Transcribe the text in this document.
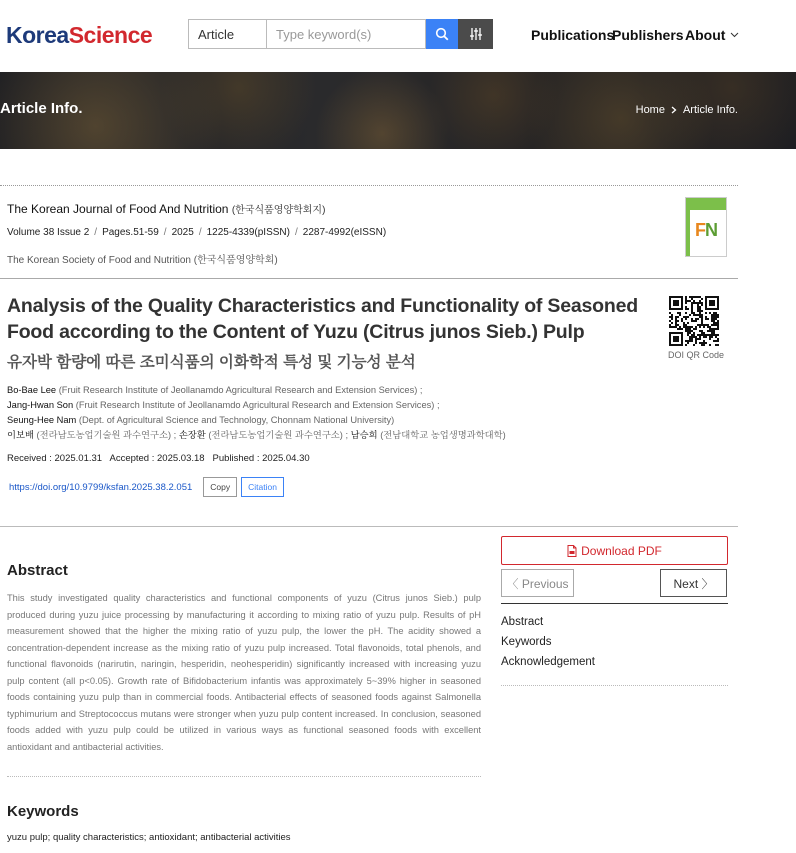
KoreaScience	Article	Type keyword(s)	Publications
Publishers About
Article Info.	Home Article Info.
The Korean Journal of Food And Nutrition (한국식품영양학회지)
Volume 38 Issue 2 / Pages.51-59 / 2025 / 1225-4339(pISSN) / 2287-4992(eISSN)
The Korean Society of Food and Nutrition (한국식품영양학회)
FN
Analysis of the Quality Characteristics and Functionality of Seasoned Food according to the Content of Yuzu (Citrus junos Sieb.) Pulp
유자박 함량에 따른 조미식품의 이화학적 특성 및 기능성 분석	DOI QR Code
Bo-Bae Lee (Fruit Research Institute of Jeollanamdo Agricultural Research and Extension Services) ;
Jang-Hwan Son (Fruit Research Institute of Jeollanamdo Agricultural Research and Extension Services) ;
Seung-Hee Nam (Dept. of Agricultural Science and Technology, Chonnam National University)
이보배 (전라남도농업기술원 과수연구소) ; 손장환 (전라남도농업기술원 과수연구소) ; 남승희 (전남대학교 농업생명과학대학)
Received : 2025.01.31 Accepted : 2025.03.18 Published : 2025.04.30
https://doi.org/10.9799/ksfan.2025.38.2.051	Copy	Citation
Abstract
This study investigated quality characteristics and functional components of yuzu (Citrus junos Sieb.) pulp produced during yuzu juice processing by manufacturing it according to mixing ratio of yuzu pulp. Results of pH measurement showed that the higher the mixing ratio of yuzu pulp, the lower the pH. The acidity showed a concentration-dependent increase as the mixing ratio of yuzu pulp increased. Total flavonoids, total phenols, and functional flavonoids (narirutin, naringin, hesperidin, neohesperidin) significantly increased with increasing yuzu pulp content (all p<0.05). Growth rate of Bifidobacterium infantis was approximately 5~39% higher in seasoned foods containing yuzu pulp than in commercial foods. Antibacterial effects of seasoned foods against Salmonella typhimurium and Streptococcus mutans were stronger when yuzu pulp content increased. In conclusion, seasoned foods added with yuzu pulp could be utilized in various ways as functional seasoned foods with excellent antioxidant and antibacterial activities.
Keywords
yuzu pulp; quality characteristics; antioxidant; antibacterial activities
Download PDF
〈 Previous	Next 〉
Abstract
Keywords
Acknowledgement
